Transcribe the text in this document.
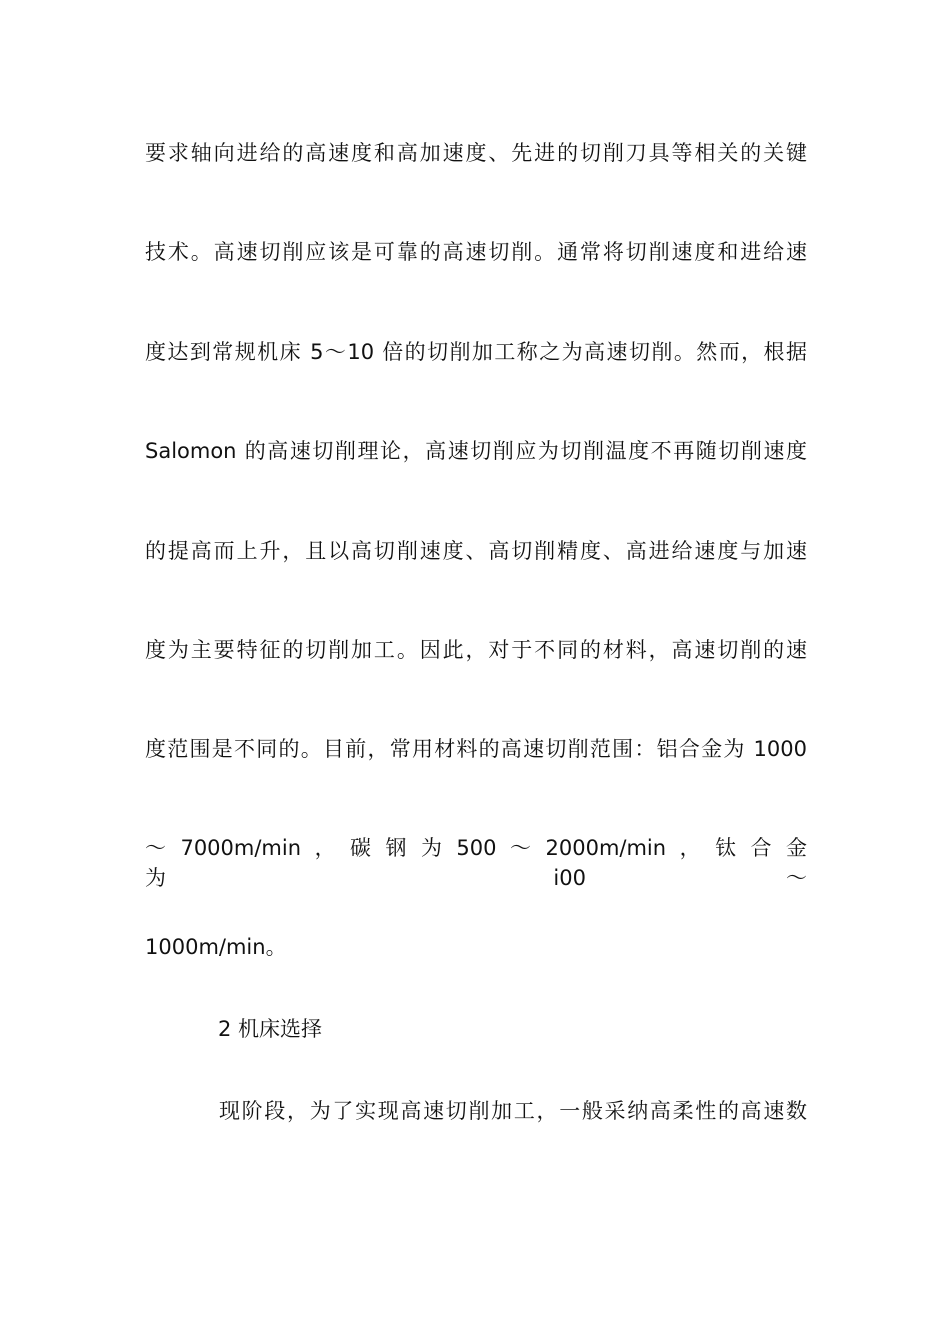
要求轴向进给的高速度和高加速度、先进的切削刀具等相关的关键
技术。高速切削应该是可靠的高速切削。通常将切削速度和进给速
度达到常规机床 5～10 倍的切削加工称之为高速切削。然而，根据
Salomon 的高速切削理论，高速切削应为切削温度不再随切削速度
的提高而上升，且以高切削速度、高切削精度、高进给速度与加速
度为主要特征的切削加工。因此，对于不同的材料，高速切削的速
度范围是不同的。目前，常用材料的高速切削范围：铝合金为 1000
～ 7000m/min ， 碳 钢 为 500 ～ 2000m/min ， 钛 合 金 为 i00 ～
1000m/min。
2 机床选择
现阶段，为了实现高速切削加工，一般采纳高柔性的高速数
